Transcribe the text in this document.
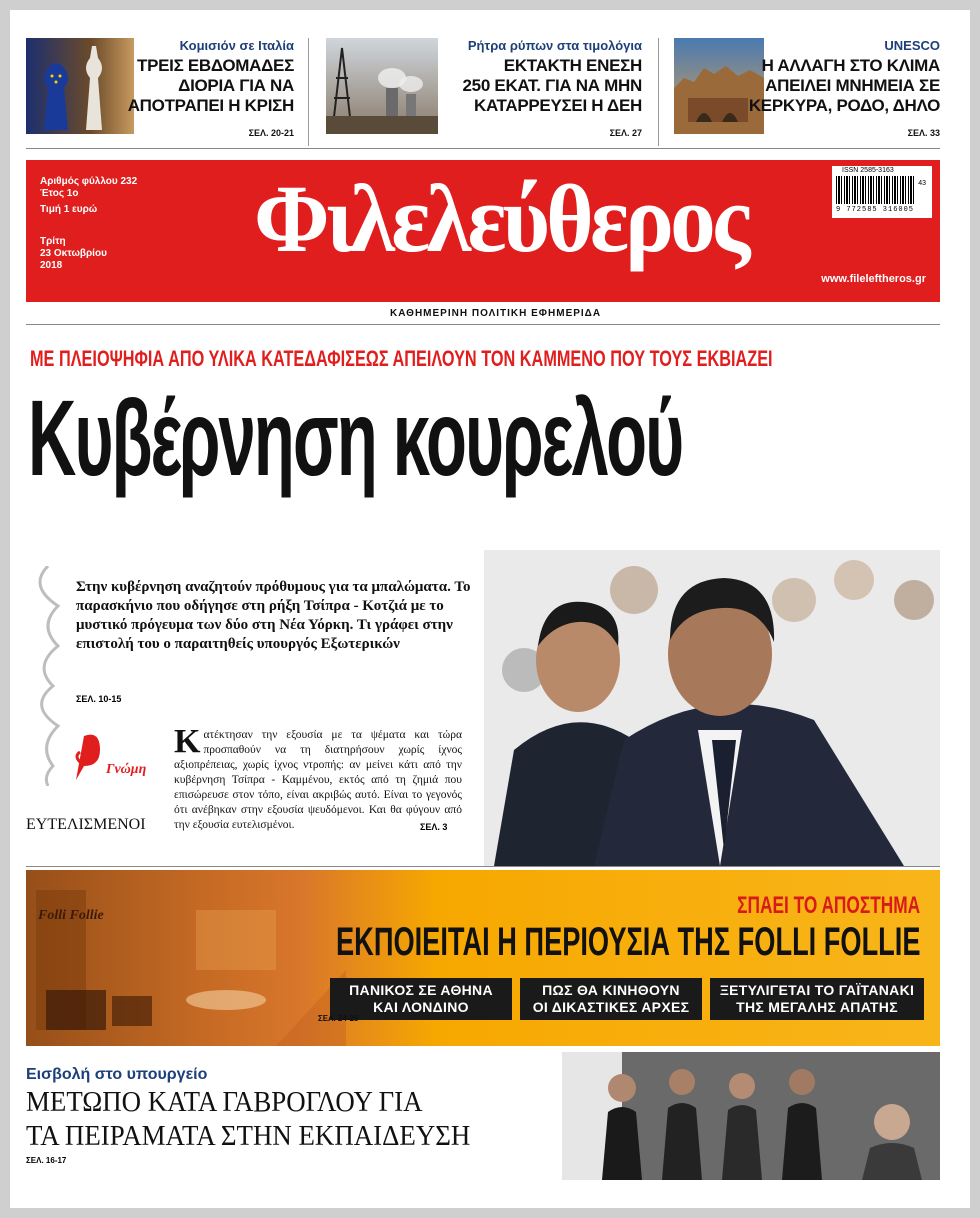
Κομισιόν σε Ιταλία
ΤΡΕΙΣ ΕΒΔΟΜΑΔΕΣ
ΔΙΟΡΙΑ ΓΙΑ ΝΑ
ΑΠΟΤΡΑΠΕΙ Η ΚΡΙΣΗ
ΣΕΛ. 20-21
Ρήτρα ρύπων στα τιμολόγια
ΕΚΤΑΚΤΗ ΕΝΕΣΗ
250 ΕΚΑΤ. ΓΙΑ ΝΑ ΜΗΝ
ΚΑΤΑΡΡΕΥΣΕΙ Η ΔΕΗ
ΣΕΛ. 27
UNESCO
Η ΑΛΛΑΓΗ ΣΤΟ ΚΛΙΜΑ
ΑΠΕΙΛΕΙ ΜΝΗΜΕΙΑ ΣΕ
ΚΕΡΚΥΡΑ, ΡΟΔΟ, ΔΗΛΟ
ΣΕΛ. 33
Αριθμός φύλλου 232
Έτος 1ο
Τιμή 1 ευρώ
Τρίτη
23 Οκτωβρίου
2018	Φιλελεύθερος	ISSN 2585-3163
43
9 772585 316005
www.fileleftheros.gr
ΚΑΘΗΜΕΡΙΝΗ ΠΟΛΙΤΙΚΗ ΕΦΗΜΕΡΙΔΑ
ΜΕ ΠΛΕΙΟΨΗΦΙΑ ΑΠΟ ΥΛΙΚΑ ΚΑΤΕΔΑΦΙΣΕΩΣ ΑΠΕΙΛΟΥΝ ΤΟΝ ΚΑΜΜΕΝΟ ΠΟΥ ΤΟΥΣ ΕΚΒΙΑΖΕΙ
Κυβέρνηση κουρελού
Στην κυβέρνηση αναζητούν πρόθυμους για τα μπαλώματα. Το παρασκήνιο που οδήγησε στη ρήξη Τσίπρα - Κοτζιά με το μυστικό πρόγευμα των δύο στη Νέα Υόρκη. Τι γράφει στην επιστολή του ο παραιτηθείς υπουργός Εξωτερικών
ΣΕΛ. 10-15
Γνώμη
ΕΥΤΕΛΙΣΜΕΝΟΙ
Κατέκτησαν την εξουσία με τα ψέματα και τώρα προσπαθούν να τη διατηρήσουν χωρίς ίχνος αξιοπρέπειας, χωρίς ίχνος ντροπής: αν μείνει κάτι από την κυβέρνηση Τσίπρα - Καμμένου, εκτός από τη ζημιά που επισώρευσε στον τόπο, είναι ακριβώς αυτό. Είναι το γεγονός ότι ανέβηκαν στην εξουσία ψευδόμενοι. Και θα φύγουν από την εξουσία ευτελισμένοι.	ΣΕΛ. 3
Folli Follie	ΣΠΑΕΙ ΤΟ ΑΠΟΣΤΗΜΑ
ΕΚΠΟΙΕΙΤΑΙ Η ΠΕΡΙΟΥΣΙΑ ΤΗΣ FOLLI FOLLIE
ΠΑΝΙΚΟΣ ΣΕ ΑΘΗΝΑ
ΚΑΙ ΛΟΝΔΙΝΟ
ΠΩΣ ΘΑ ΚΙΝΗΘΟΥΝ
ΟΙ ΔΙΚΑΣΤΙΚΕΣ ΑΡΧΕΣ
ΞΕΤΥΛΙΓΕΤΑΙ ΤΟ ΓΑΪΤΑΝΑΚΙ
ΤΗΣ ΜΕΓΑΛΗΣ ΑΠΑΤΗΣ
ΣΕΛ. 24-25
Εισβολή στο υπουργείο
ΜΕΤΩΠΟ ΚΑΤΑ ΓΑΒΡΟΓΛΟΥ ΓΙΑ
ΤΑ ΠΕΙΡΑΜΑΤΑ ΣΤΗΝ ΕΚΠΑΙΔΕΥΣΗ
ΣΕΛ. 16-17
